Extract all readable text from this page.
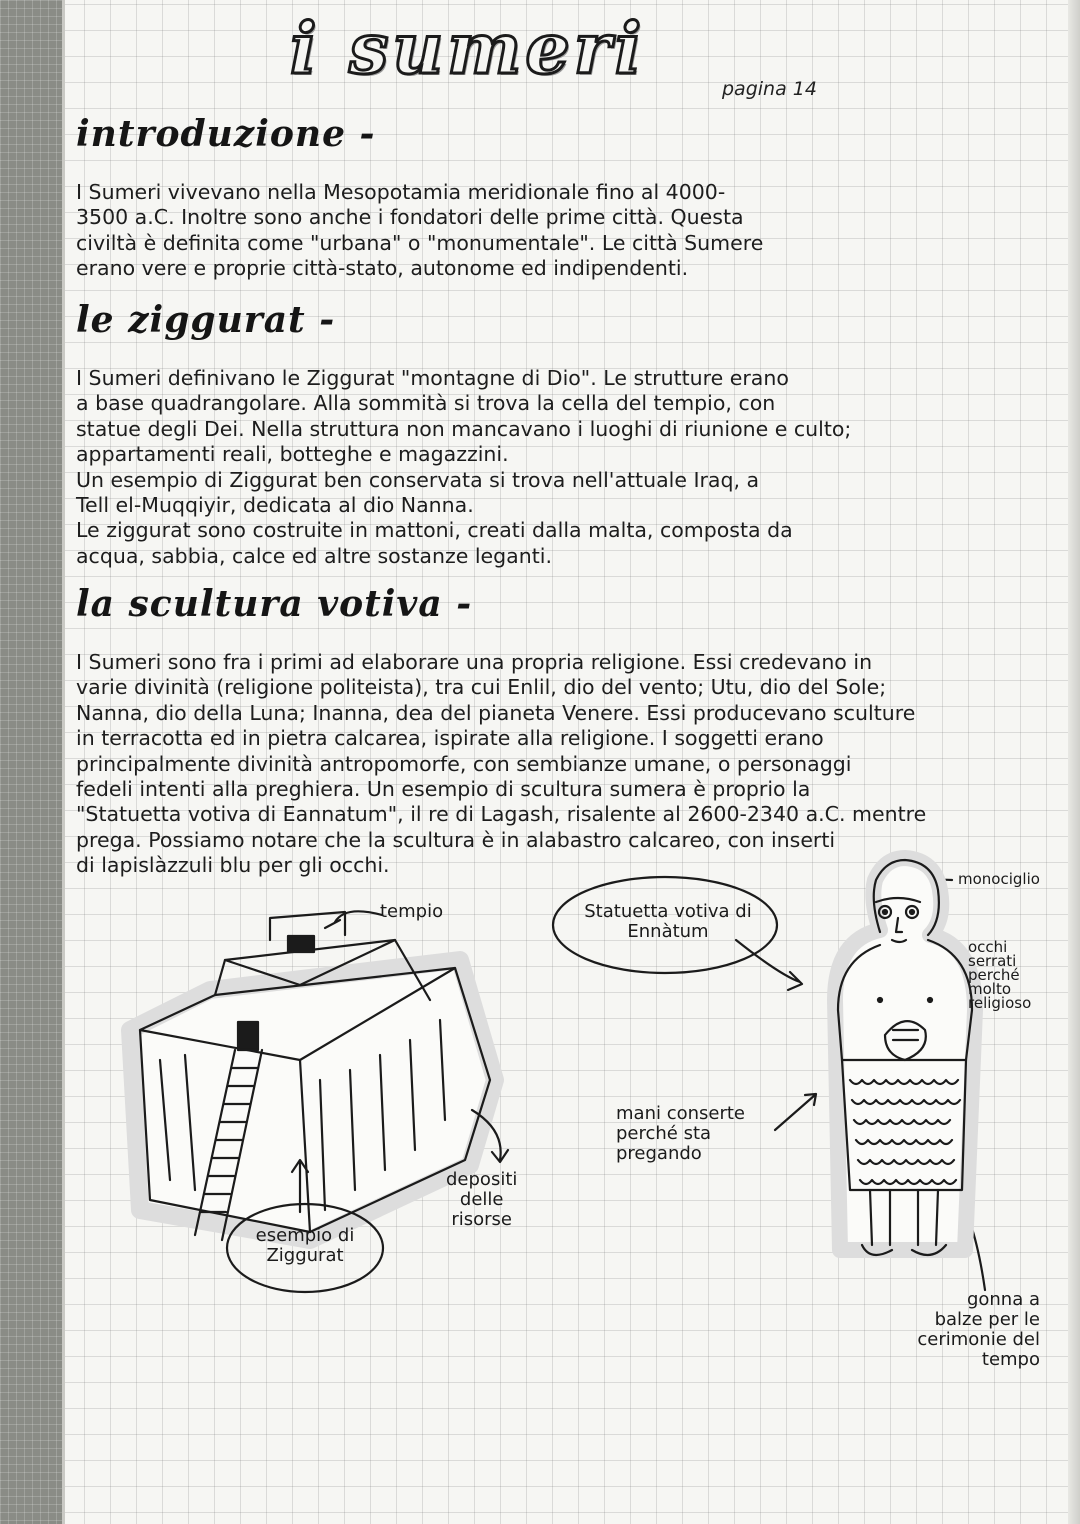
i sumeri	pagina 14
introduzione -
I Sumeri vivevano nella Mesopotamia meridionale fino al 4000-
3500 a.C. Inoltre sono anche i fondatori delle prime città. Questa
civiltà è definita come "urbana" o "monumentale". Le città Sumere
erano vere e proprie città-stato, autonome ed indipendenti.
le ziggurat -
I Sumeri definivano le Ziggurat "montagne di Dio". Le strutture erano
a base quadrangolare. Alla sommità si trova la cella del tempio, con
statue degli Dei. Nella struttura non mancavano i luoghi di riunione e culto;
appartamenti reali, botteghe e magazzini.
Un esempio di Ziggurat ben conservata si trova nell'attuale Iraq, a
Tell el-Muqqiyir, dedicata al dio Nanna.
Le ziggurat sono costruite in mattoni, creati dalla malta, composta da
acqua, sabbia, calce ed altre sostanze leganti.
la scultura votiva -
I Sumeri sono fra i primi ad elaborare una propria religione. Essi credevano in
varie divinità (religione politeista), tra cui Enlil, dio del vento; Utu, dio del Sole;
Nanna, dio della Luna; Inanna, dea del pianeta Venere. Essi producevano sculture
in terracotta ed in pietra calcarea, ispirate alla religione. I soggetti erano
principalmente divinità antropomorfe, con sembianze umane, o personaggi
fedeli intenti alla preghiera. Un esempio di scultura sumera è proprio la
"Statuetta votiva di Eannatum", il re di Lagash, risalente al 2600-2340 a.C. mentre
prega. Possiamo notare che la scultura è in alabastro calcareo, con inserti
di lapislàzzuli blu per gli occhi.
tempio	Statuetta votiva di
Ennàtum
monociglio
occhi
serrati
perché
molto
religioso
mani conserte
perché sta
pregando
depositi
delle
risorse
esempio di
Ziggurat
gonna a
balze per le
cerimonie del
tempo
